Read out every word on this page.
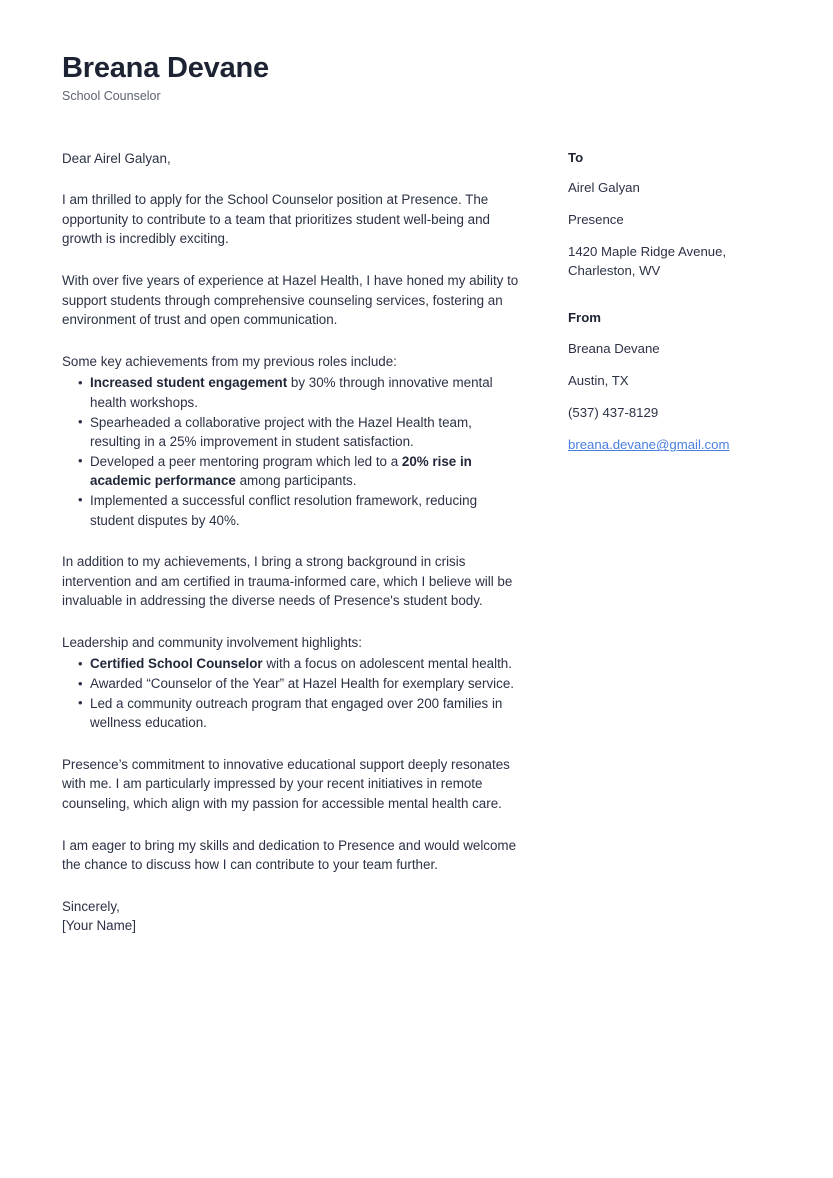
Breana Devane

School Counselor

Dear Airel Galyan,

I am thrilled to apply for the School Counselor position at Presence. The opportunity to contribute to a team that prioritizes student well-being and growth is incredibly exciting.

With over five years of experience at Hazel Health, I have honed my ability to support students through comprehensive counseling services, fostering an environment of trust and open communication.

Some key achievements from my previous roles include:

• Increased student engagement by 30% through innovative mental health workshops.
• Spearheaded a collaborative project with the Hazel Health team, resulting in a 25% improvement in student satisfaction.
• Developed a peer mentoring program which led to a 20% rise in academic performance among participants.
• Implemented a successful conflict resolution framework, reducing student disputes by 40%.

In addition to my achievements, I bring a strong background in crisis intervention and am certified in trauma-informed care, which I believe will be invaluable in addressing the diverse needs of Presence's student body.

Leadership and community involvement highlights:

• Certified School Counselor with a focus on adolescent mental health.
• Awarded “Counselor of the Year” at Hazel Health for exemplary service.
• Led a community outreach program that engaged over 200 families in wellness education.

Presence’s commitment to innovative educational support deeply resonates with me. I am particularly impressed by your recent initiatives in remote counseling, which align with my passion for accessible mental health care.

I am eager to bring my skills and dedication to Presence and would welcome the chance to discuss how I can contribute to your team further.

Sincerely,

[Your Name]

To

Airel Galyan

Presence

1420 Maple Ridge Avenue, Charleston, WV

From

Breana Devane

Austin, TX

(537) 437-8129

breana.devane@gmail.com
